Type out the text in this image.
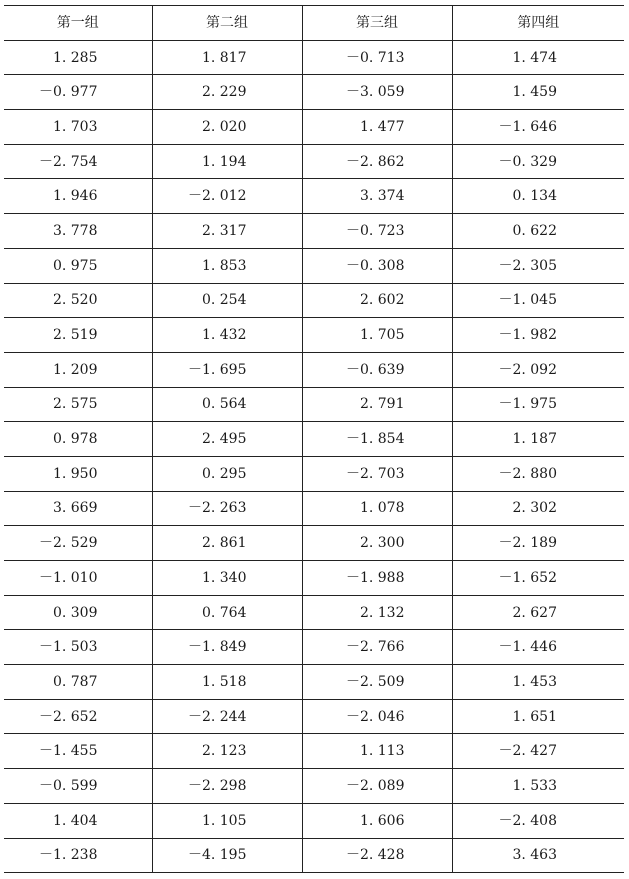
第一组	第二组	第三组	第四组
1. 285	1. 817	－0. 713	1. 474
－0. 977	2. 229	－3. 059	1. 459
1. 703	2. 020	1. 477	－1. 646
－2. 754	1. 194	－2. 862	－0. 329
1. 946	－2. 012	3. 374	0. 134
3. 778	2. 317	－0. 723	0. 622
0. 975	1. 853	－0. 308	－2. 305
2. 520	0. 254	2. 602	－1. 045
2. 519	1. 432	1. 705	－1. 982
1. 209	－1. 695	－0. 639	－2. 092
2. 575	0. 564	2. 791	－1. 975
0. 978	2. 495	－1. 854	1. 187
1. 950	0. 295	－2. 703	－2. 880
3. 669	－2. 263	1. 078	2. 302
－2. 529	2. 861	2. 300	－2. 189
－1. 010	1. 340	－1. 988	－1. 652
0. 309	0. 764	2. 132	2. 627
－1. 503	－1. 849	－2. 766	－1. 446
0. 787	1. 518	－2. 509	1. 453
－2. 652	－2. 244	－2. 046	1. 651
－1. 455	2. 123	1. 113	－2. 427
－0. 599	－2. 298	－2. 089	1. 533
1. 404	1. 105	1. 606	－2. 408
－1. 238	－4. 195	－2. 428	3. 463
